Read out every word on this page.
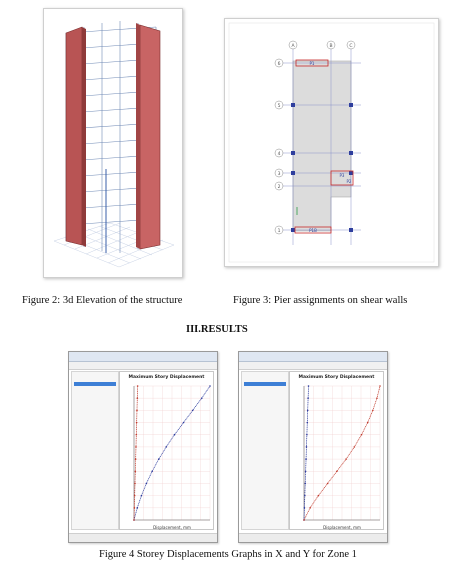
Figure 2: 3d Elevation of the structure
A	B	C
6
5
4
3
2
1
P1
P3
P2
P1B
Figure 3: Pier assignments on shear walls
III.RESULTS
Maximum Story Displacement
Displacement, mm
Maximum Story Displacement
Displacement, mm
Figure 4 Storey Displacements Graphs in X and Y for Zone 1
